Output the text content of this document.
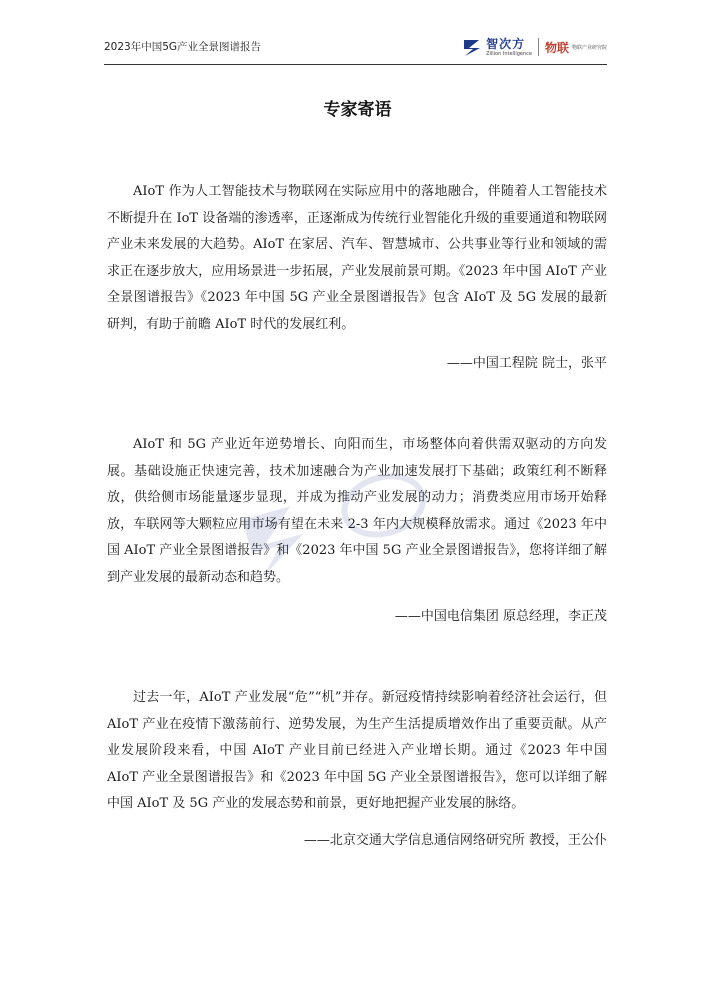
2023年中国5G产业全景图谱报告	智次方
Zillion Intelligence 物联 物联产业研究院
专家寄语

AIoT 作为人工智能技术与物联网在实际应用中的落地融合，伴随着人工智能技术不断提升在 IoT 设备端的渗透率，正逐渐成为传统行业智能化升级的重要通道和物联网产业未来发展的大趋势。AIoT 在家居、汽车、智慧城市、公共事业等行业和领域的需求正在逐步放大，应用场景进一步拓展，产业发展前景可期。《2023 年中国 AIoT 产业全景图谱报告》《2023 年中国 5G 产业全景图谱报告》包含 AIoT 及 5G 发展的最新研判，有助于前瞻 AIoT 时代的发展红利。

——中国工程院 院士，张平

AIoT 和 5G 产业近年逆势增长、向阳而生，市场整体向着供需双驱动的方向发展。基础设施正快速完善，技术加速融合为产业加速发展打下基础；政策红利不断释放，供给侧市场能量逐步显现，并成为推动产业发展的动力；消费类应用市场开始释放，车联网等大颗粒应用市场有望在未来 2-3 年内大规模释放需求。通过《2023 年中国 AIoT 产业全景图谱报告》和《2023 年中国 5G 产业全景图谱报告》，您将详细了解到产业发展的最新动态和趋势。

——中国电信集团 原总经理，李正茂

过去一年，AIoT 产业发展“危”“机”并存。新冠疫情持续影响着经济社会运行，但 AIoT 产业在疫情下激荡前行、逆势发展，为生产生活提质增效作出了重要贡献。从产业发展阶段来看，中国 AIoT 产业目前已经进入产业增长期。通过《2023 年中国 AIoT 产业全景图谱报告》和《2023 年中国 5G 产业全景图谱报告》，您可以详细了解中国 AIoT 及 5G 产业的发展态势和前景，更好地把握产业发展的脉络。

——北京交通大学信息通信网络研究所 教授，王公仆
